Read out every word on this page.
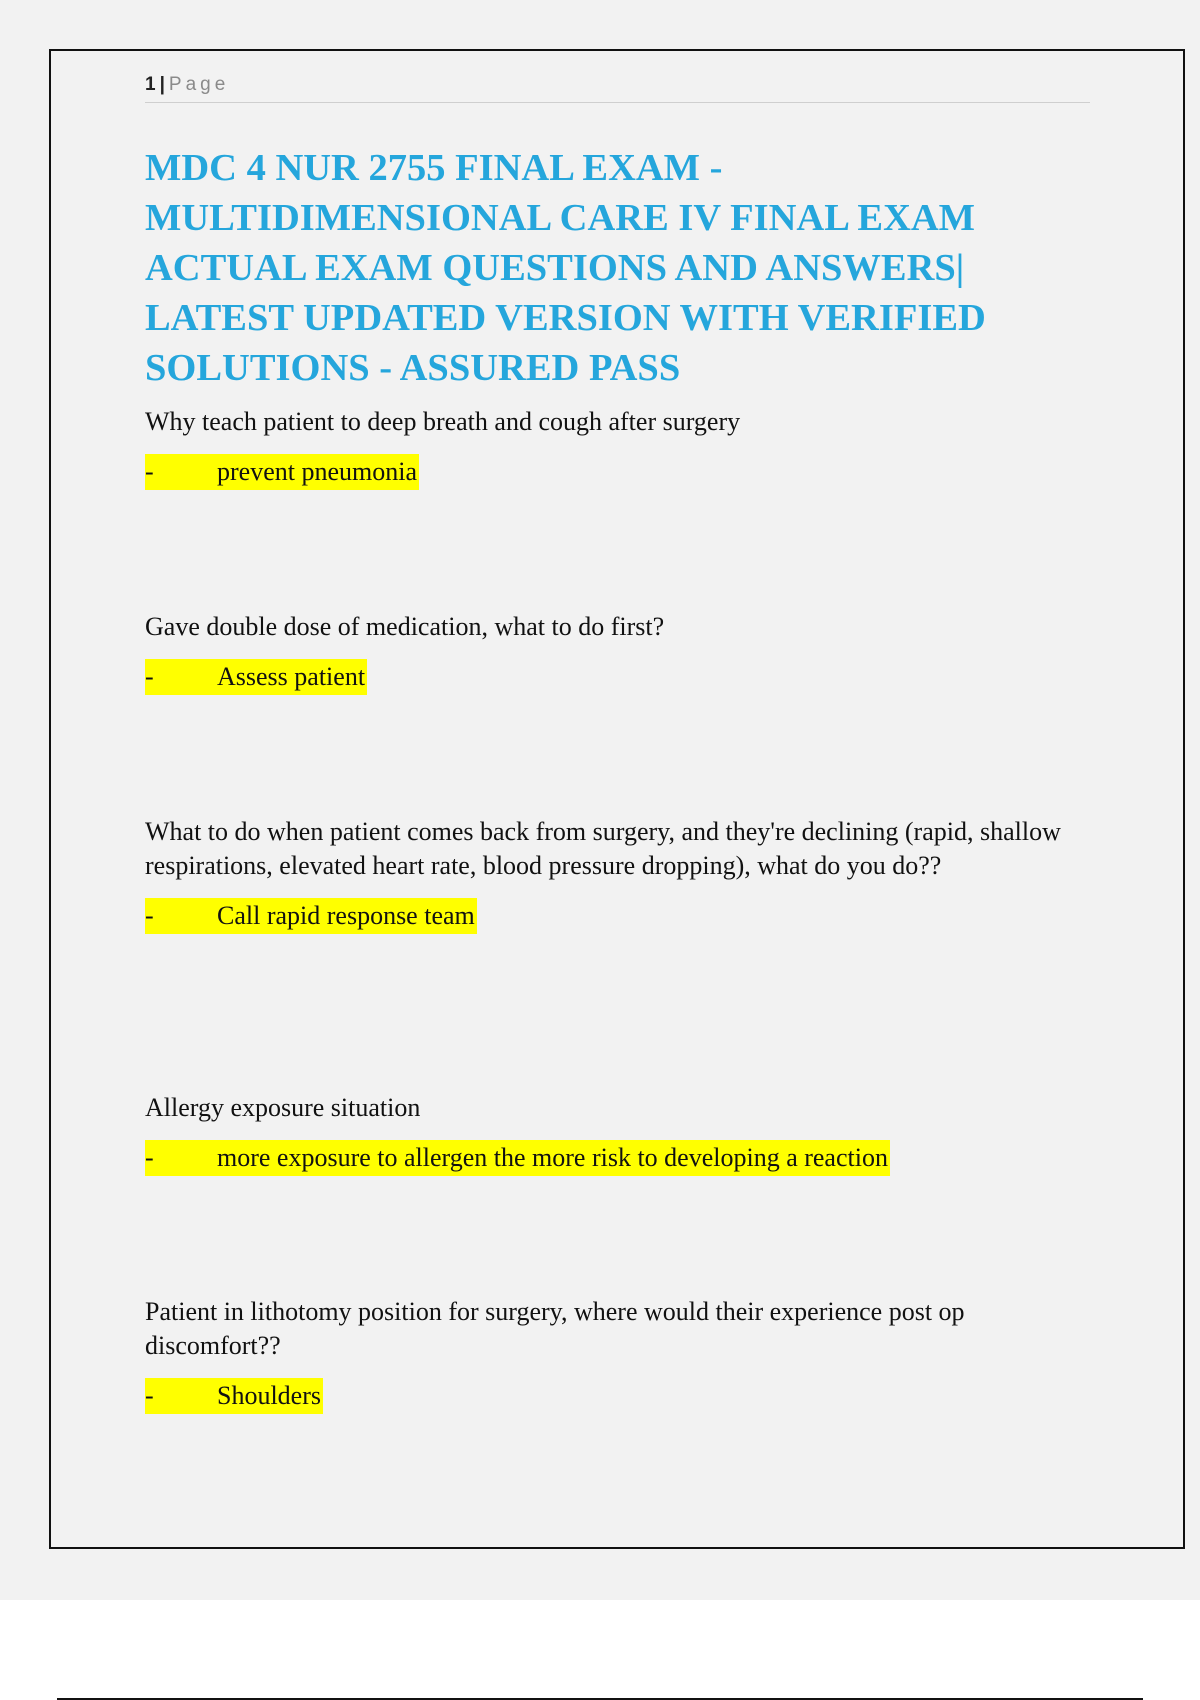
1 | Page
MDC 4 NUR 2755 FINAL EXAM -
MULTIDIMENSIONAL CARE IV FINAL EXAM
ACTUAL EXAM QUESTIONS AND ANSWERS|
LATEST UPDATED VERSION WITH VERIFIED
SOLUTIONS - ASSURED PASS

Why teach patient to deep breath and cough after surgery

- prevent pneumonia

Gave double dose of medication, what to do first?

- Assess patient

What to do when patient comes back from surgery, and they're declining (rapid, shallow respirations, elevated heart rate, blood pressure dropping), what do you do??

- Call rapid response team

Allergy exposure situation

- more exposure to allergen the more risk to developing a reaction

Patient in lithotomy position for surgery, where would their experience post op discomfort??

- Shoulders
